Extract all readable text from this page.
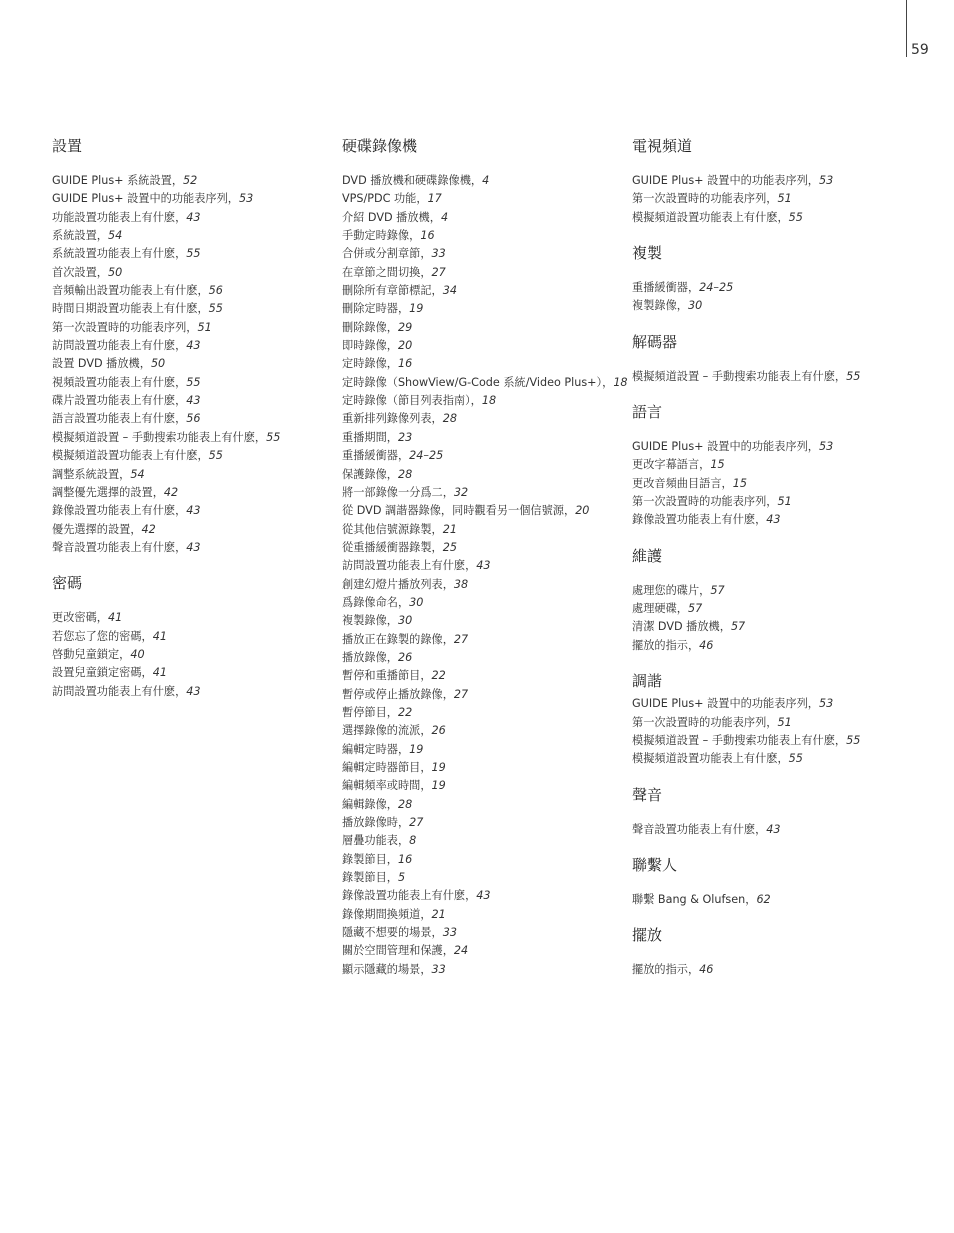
59
設置
GUIDE Plus+ 系統設置，52
GUIDE Plus+ 設置中的功能表序列，53
功能設置功能表上有什麽，43
系統設置，54
系統設置功能表上有什麽，55
首次設置，50
音頻輸出設置功能表上有什麽，56
時間日期設置功能表上有什麽，55
第一次設置時的功能表序列，51
訪問設置功能表上有什麽，43
設置 DVD 播放機，50
視頻設置功能表上有什麽，55
碟片設置功能表上有什麽，43
語言設置功能表上有什麽，56
模擬頻道設置 – 手動搜索功能表上有什麽，55
模擬頻道設置功能表上有什麽，55
調整系統設置，54
調整優先選擇的設置，42
錄像設置功能表上有什麽，43
優先選擇的設置，42
聲音設置功能表上有什麽，43
密碼
更改密碼，41
若您忘了您的密碼，41
啓動兒童鎖定，40
設置兒童鎖定密碼，41
訪問設置功能表上有什麽，43
硬碟錄像機
DVD 播放機和硬碟錄像機，4
VPS/PDC 功能，17
介紹 DVD 播放機，4
手動定時錄像，16
合併或分割章節，33
在章節之間切換，27
刪除所有章節標記，34
刪除定時器，19
刪除錄像，29
即時錄像，20
定時錄像，16
定時錄像（ShowView/G-Code 系統/Video Plus+），18
定時錄像（節目列表指南），18
重新排列錄像列表，28
重播期間，23
重播緩衝器，24–25
保護錄像，28
將一部錄像一分爲二，32
從 DVD 調諧器錄像，同時觀看另一個信號源，20
從其他信號源錄製，21
從重播緩衝器錄製，25
訪問設置功能表上有什麽，43
創建幻燈片播放列表，38
爲錄像命名，30
複製錄像，30
播放正在錄製的錄像，27
播放錄像，26
暫停和重播節目，22
暫停或停止播放錄像，27
暫停節目，22
選擇錄像的流派，26
編輯定時器，19
編輯定時器節目，19
編輯頻率或時間，19
編輯錄像，28
播放錄像時，27
層疊功能表，8
錄製節目，16
錄製節目，5
錄像設置功能表上有什麽，43
錄像期間換頻道，21
隱藏不想要的場景，33
關於空間管理和保護，24
顯示隱藏的場景，33
電視頻道
GUIDE Plus+ 設置中的功能表序列，53
第一次設置時的功能表序列，51
模擬頻道設置功能表上有什麽，55
複製
重播緩衝器，24–25
複製錄像，30
解碼器
模擬頻道設置 – 手動搜索功能表上有什麽，55
語言
GUIDE Plus+ 設置中的功能表序列，53
更改字幕語言，15
更改音頻曲目語言，15
第一次設置時的功能表序列，51
錄像設置功能表上有什麽，43
維護
處理您的碟片，57
處理硬碟，57
清潔 DVD 播放機，57
擺放的指示，46
調諧
GUIDE Plus+ 設置中的功能表序列，53
第一次設置時的功能表序列，51
模擬頻道設置 – 手動搜索功能表上有什麽，55
模擬頻道設置功能表上有什麽，55
聲音
聲音設置功能表上有什麽，43
聯繫人
聯繫 Bang & Olufsen，62
擺放
擺放的指示，46
